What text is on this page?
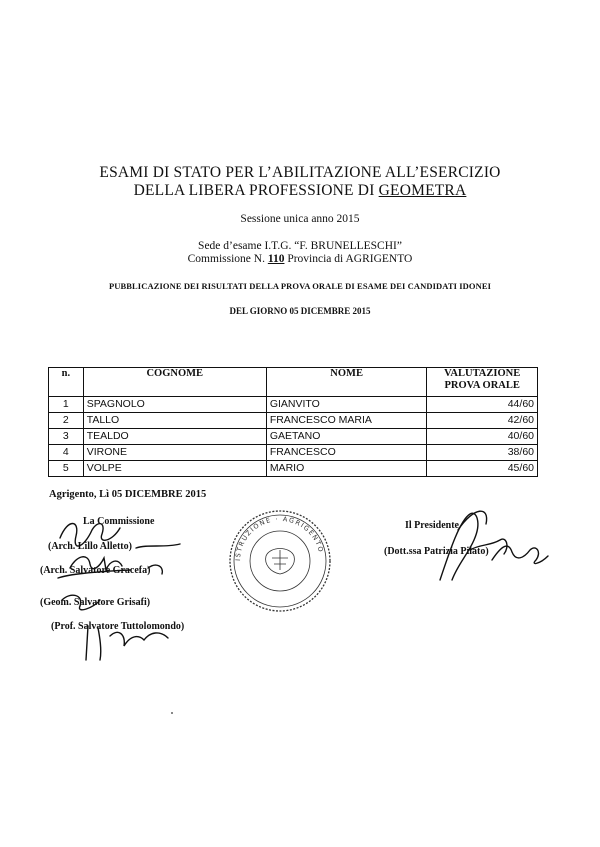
ESAMI DI STATO PER L’ABILITAZIONE ALL’ESERCIZIO
DELLA LIBERA PROFESSIONE DI GEOMETRA
Sessione unica anno 2015
Sede d’esame I.T.G. “F. BRUNELLESCHI”
Commissione N. 110 Provincia di AGRIGENTO
PUBBLICAZIONE DEI RISULTATI DELLA PROVA ORALE DI ESAME DEI CANDIDATI IDONEI
DEL GIORNO 05 DICEMBRE 2015
n.	COGNOME	NOME	VALUTAZIONE
PROVA ORALE
1	SPAGNOLO	GIANVITO	44/60
2	TALLO	FRANCESCO MARIA	42/60
3	TEALDO	GAETANO	40/60
4	VIRONE	FRANCESCO	38/60
5	VOLPE	MARIO	45/60
Agrigento, Lì 05 DICEMBRE 2015
La Commissione
(Arch. Lillo Alletto)
(Arch. Salvatore Gracefa)
(Geom. Salvatore Grisafi)
(Prof. Salvatore Tuttolomondo)
Il Presidente
(Dott.ssa Patrizia Pilato)
ISTRUZIONE · AGRIGENTO
